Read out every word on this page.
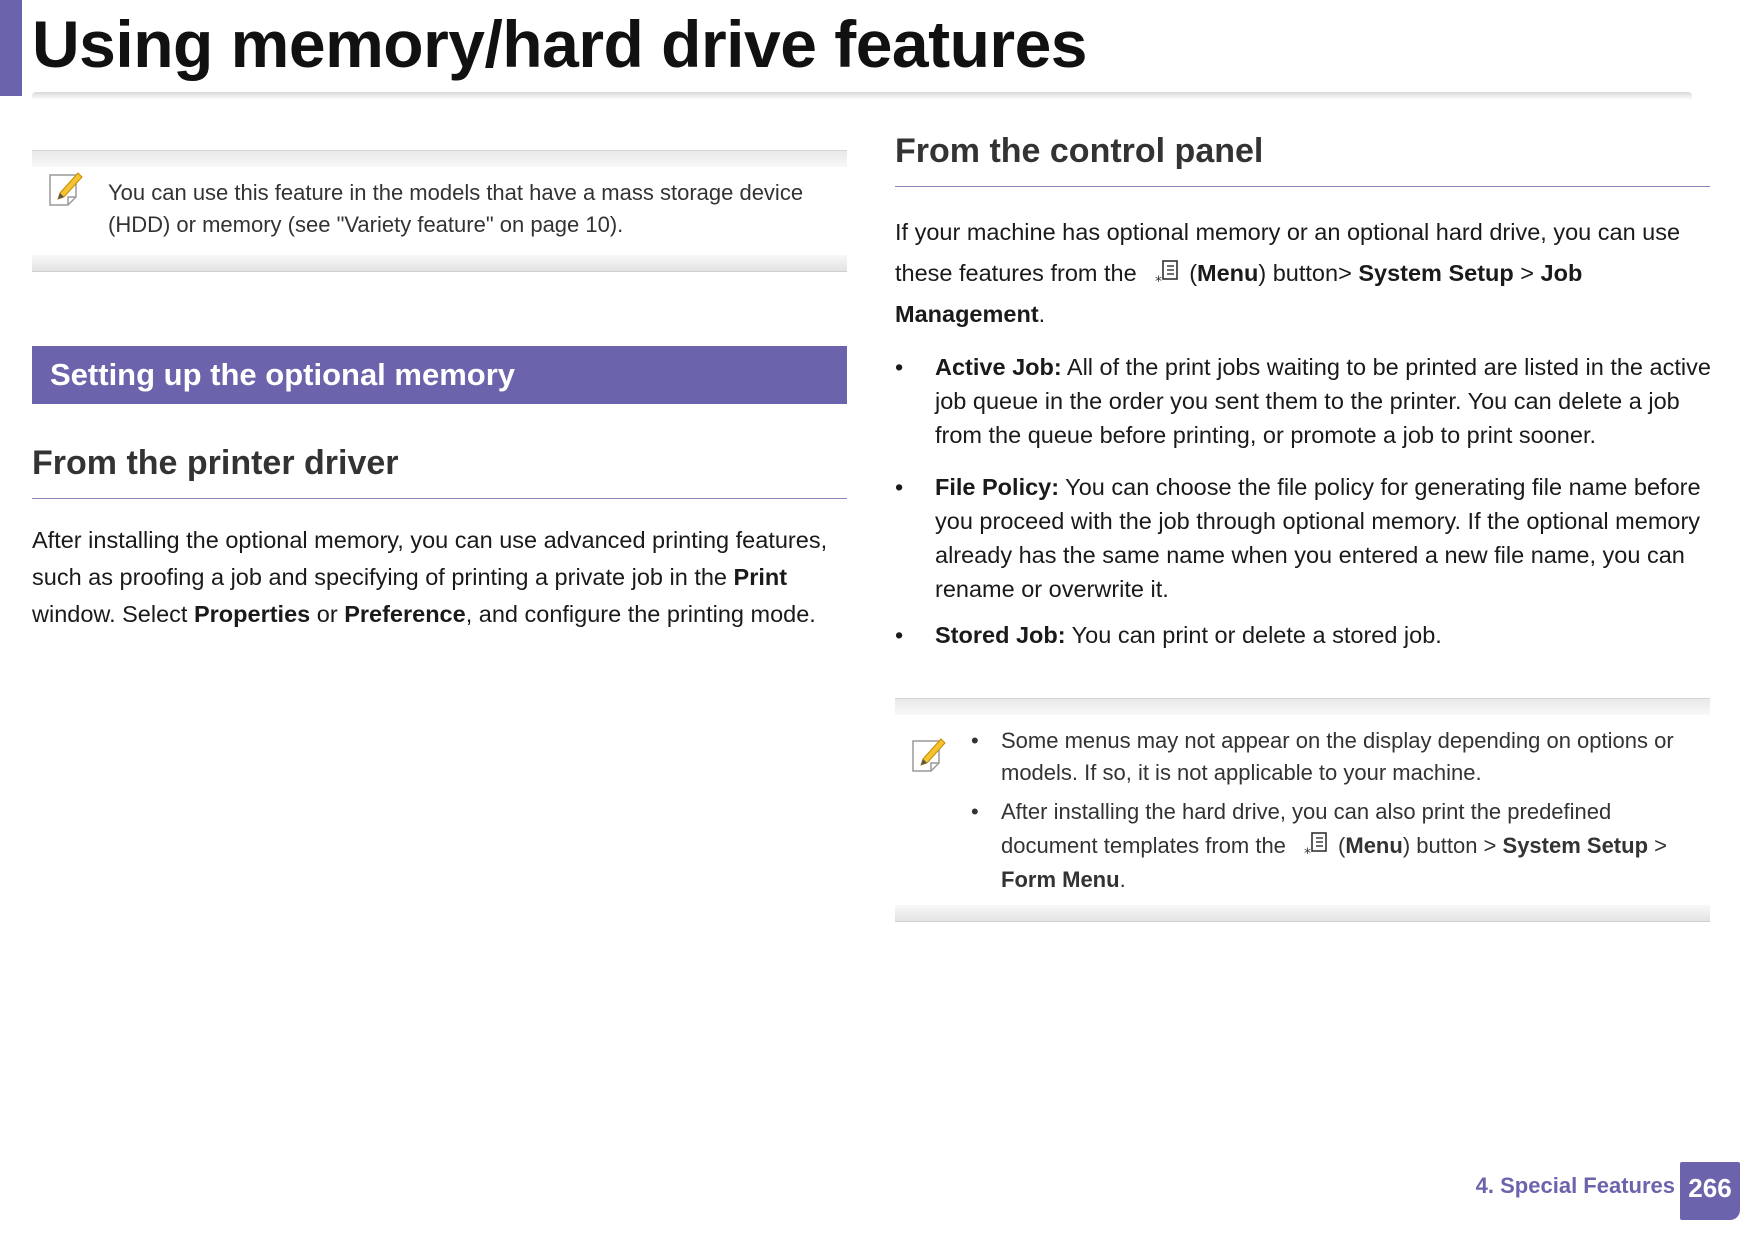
Using memory/hard drive features
You can use this feature in the models that have a mass storage device (HDD) or memory (see "Variety feature" on page 10).
Setting up the optional memory
From the printer driver
After installing the optional memory, you can use advanced printing features, such as proofing a job and specifying of printing a private job in the Print window. Select Properties or Preference, and configure the printing mode.
From the control panel
If your machine has optional memory or an optional hard drive, you can use these features from the * (Menu) button> System Setup > Job Management.
• Active Job: All of the print jobs waiting to be printed are listed in the active job queue in the order you sent them to the printer. You can delete a job from the queue before printing, or promote a job to print sooner.
• File Policy: You can choose the file policy for generating file name before you proceed with the job through optional memory. If the optional memory already has the same name when you entered a new file name, you can rename or overwrite it.
• Stored Job: You can print or delete a stored job.
• Some menus may not appear on the display depending on options or models. If so, it is not applicable to your machine.
• After installing the hard drive, you can also print the predefined document templates from the * (Menu) button > System Setup > Form Menu.
4. Special Features 266
